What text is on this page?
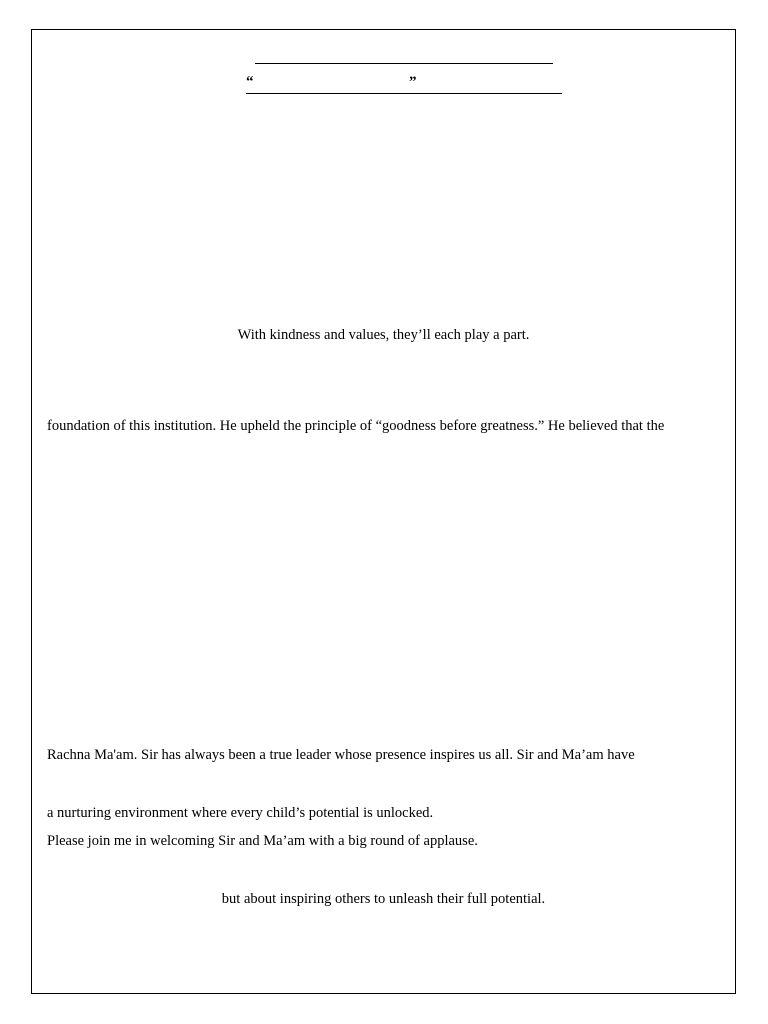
“	”
With kindness and values, they’ll each play a part.
foundation of this institution. He upheld the principle of “goodness before greatness.” He believed that the
Rachna Ma'am. Sir has always been a true leader whose presence inspires us all. Sir and Ma’am have
a nurturing environment where every child’s potential is unlocked.
Please join me in welcoming Sir and Ma’am with a big round of applause.
but about inspiring others to unleash their full potential.
